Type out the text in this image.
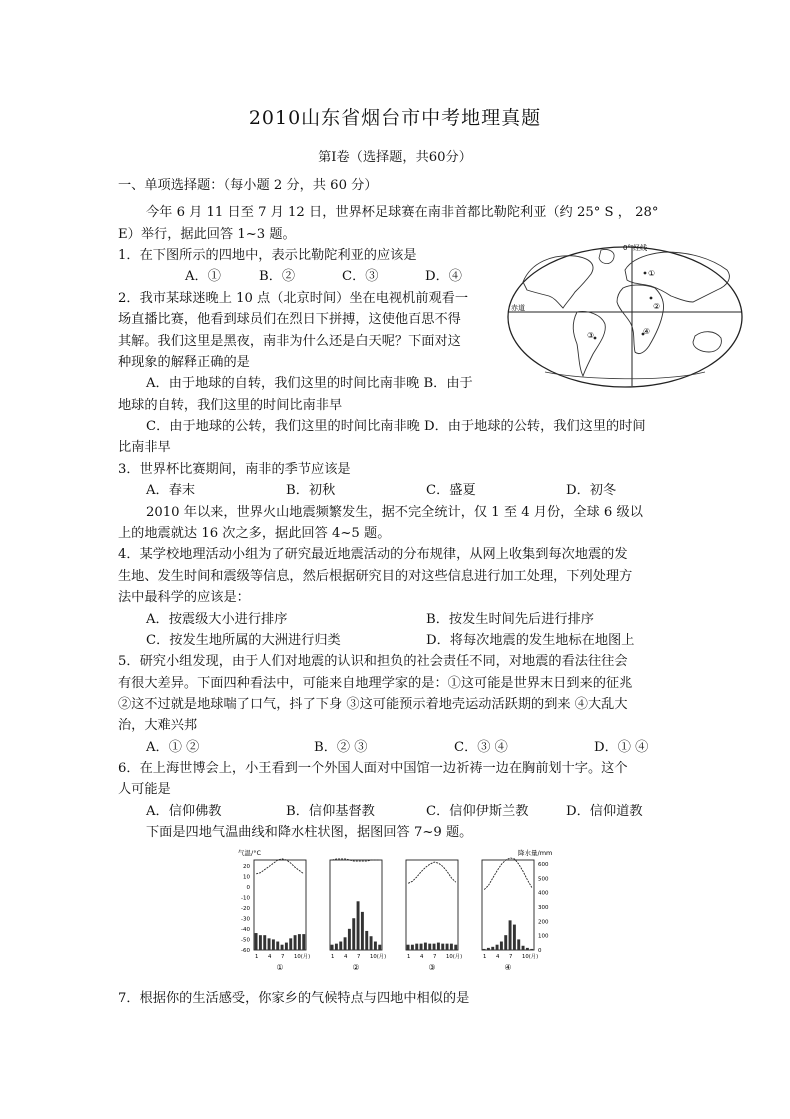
2010山东省烟台市中考地理真题
第Ⅰ卷（选择题，共60分）
一、单项选择题：（每小题 2 分，共 60 分）
今年 6 月 11 日至 7 月 12 日，世界杯足球赛在南非首都比勒陀利亚（约 25° S ， 28°
E）举行，据此回答 1~3 题。
1．在下图所示的四地中，表示比勒陀利亚的应该是
A．①	B．②	C．③	D．④
2．我市某球迷晚上 10 点（北京时间）坐在电视机前观看一
场直播比赛，他看到球员们在烈日下拼搏，这使他百思不得
其解。我们这里是黑夜，南非为什么还是白天呢？下面对这
种现象的解释正确的是
A．由于地球的自转，我们这里的时间比南非晚 B．由于
地球的自转，我们这里的时间比南非早
C．由于地球的公转，我们这里的时间比南非晚 D．由于地球的公转，我们这里的时间
比南非早
3．世界杯比赛期间，南非的季节应该是
A．春末	B．初秋	C．盛夏	D．初冬
2010 年以来，世界火山地震频繁发生，据不完全统计，仅 1 至 4 月份，全球 6 级以
上的地震就达 16 次之多，据此回答 4~5 题。
4．某学校地理活动小组为了研究最近地震活动的分布规律，从网上收集到每次地震的发
生地、发生时间和震级等信息，然后根据研究目的对这些信息进行加工处理，下列处理方
法中最科学的应该是：
A．按震级大小进行排序	B．按发生时间先后进行排序
C．按发生地所属的大洲进行归类	D．将每次地震的发生地标在地图上
5．研究小组发现，由于人们对地震的认识和担负的社会责任不同，对地震的看法往往会
有很大差异。下面四种看法中，可能来自地理学家的是：①这可能是世界末日到来的征兆
②这不过就是地球喘了口气，抖了下身 ③这可能预示着地壳运动活跃期的到来 ④大乱大
治，大难兴邦
A．① ②	B．② ③	C．③ ④	D．① ④
6．在上海世博会上，小王看到一个外国人面对中国馆一边祈祷一边在胸前划十字。这个
人可能是
A．信仰佛教	B．信仰基督教	C．信仰伊斯兰教	D．信仰道教
下面是四地气温曲线和降水柱状图，据图回答 7~9 题。
7．根据你的生活感受，你家乡的气候特点与四地中相似的是
0° 经线
赤道
①
②
③	④
气温/°C	降水量/mm
20
10
0
-10
-20
-30
-40
-50
-60
600
500
400
300
200
100
0
1 4 7 10(月)
①
1 4 7 10(月)
②
1 4 7 10(月)
③
1 4 7 10(月)
④
